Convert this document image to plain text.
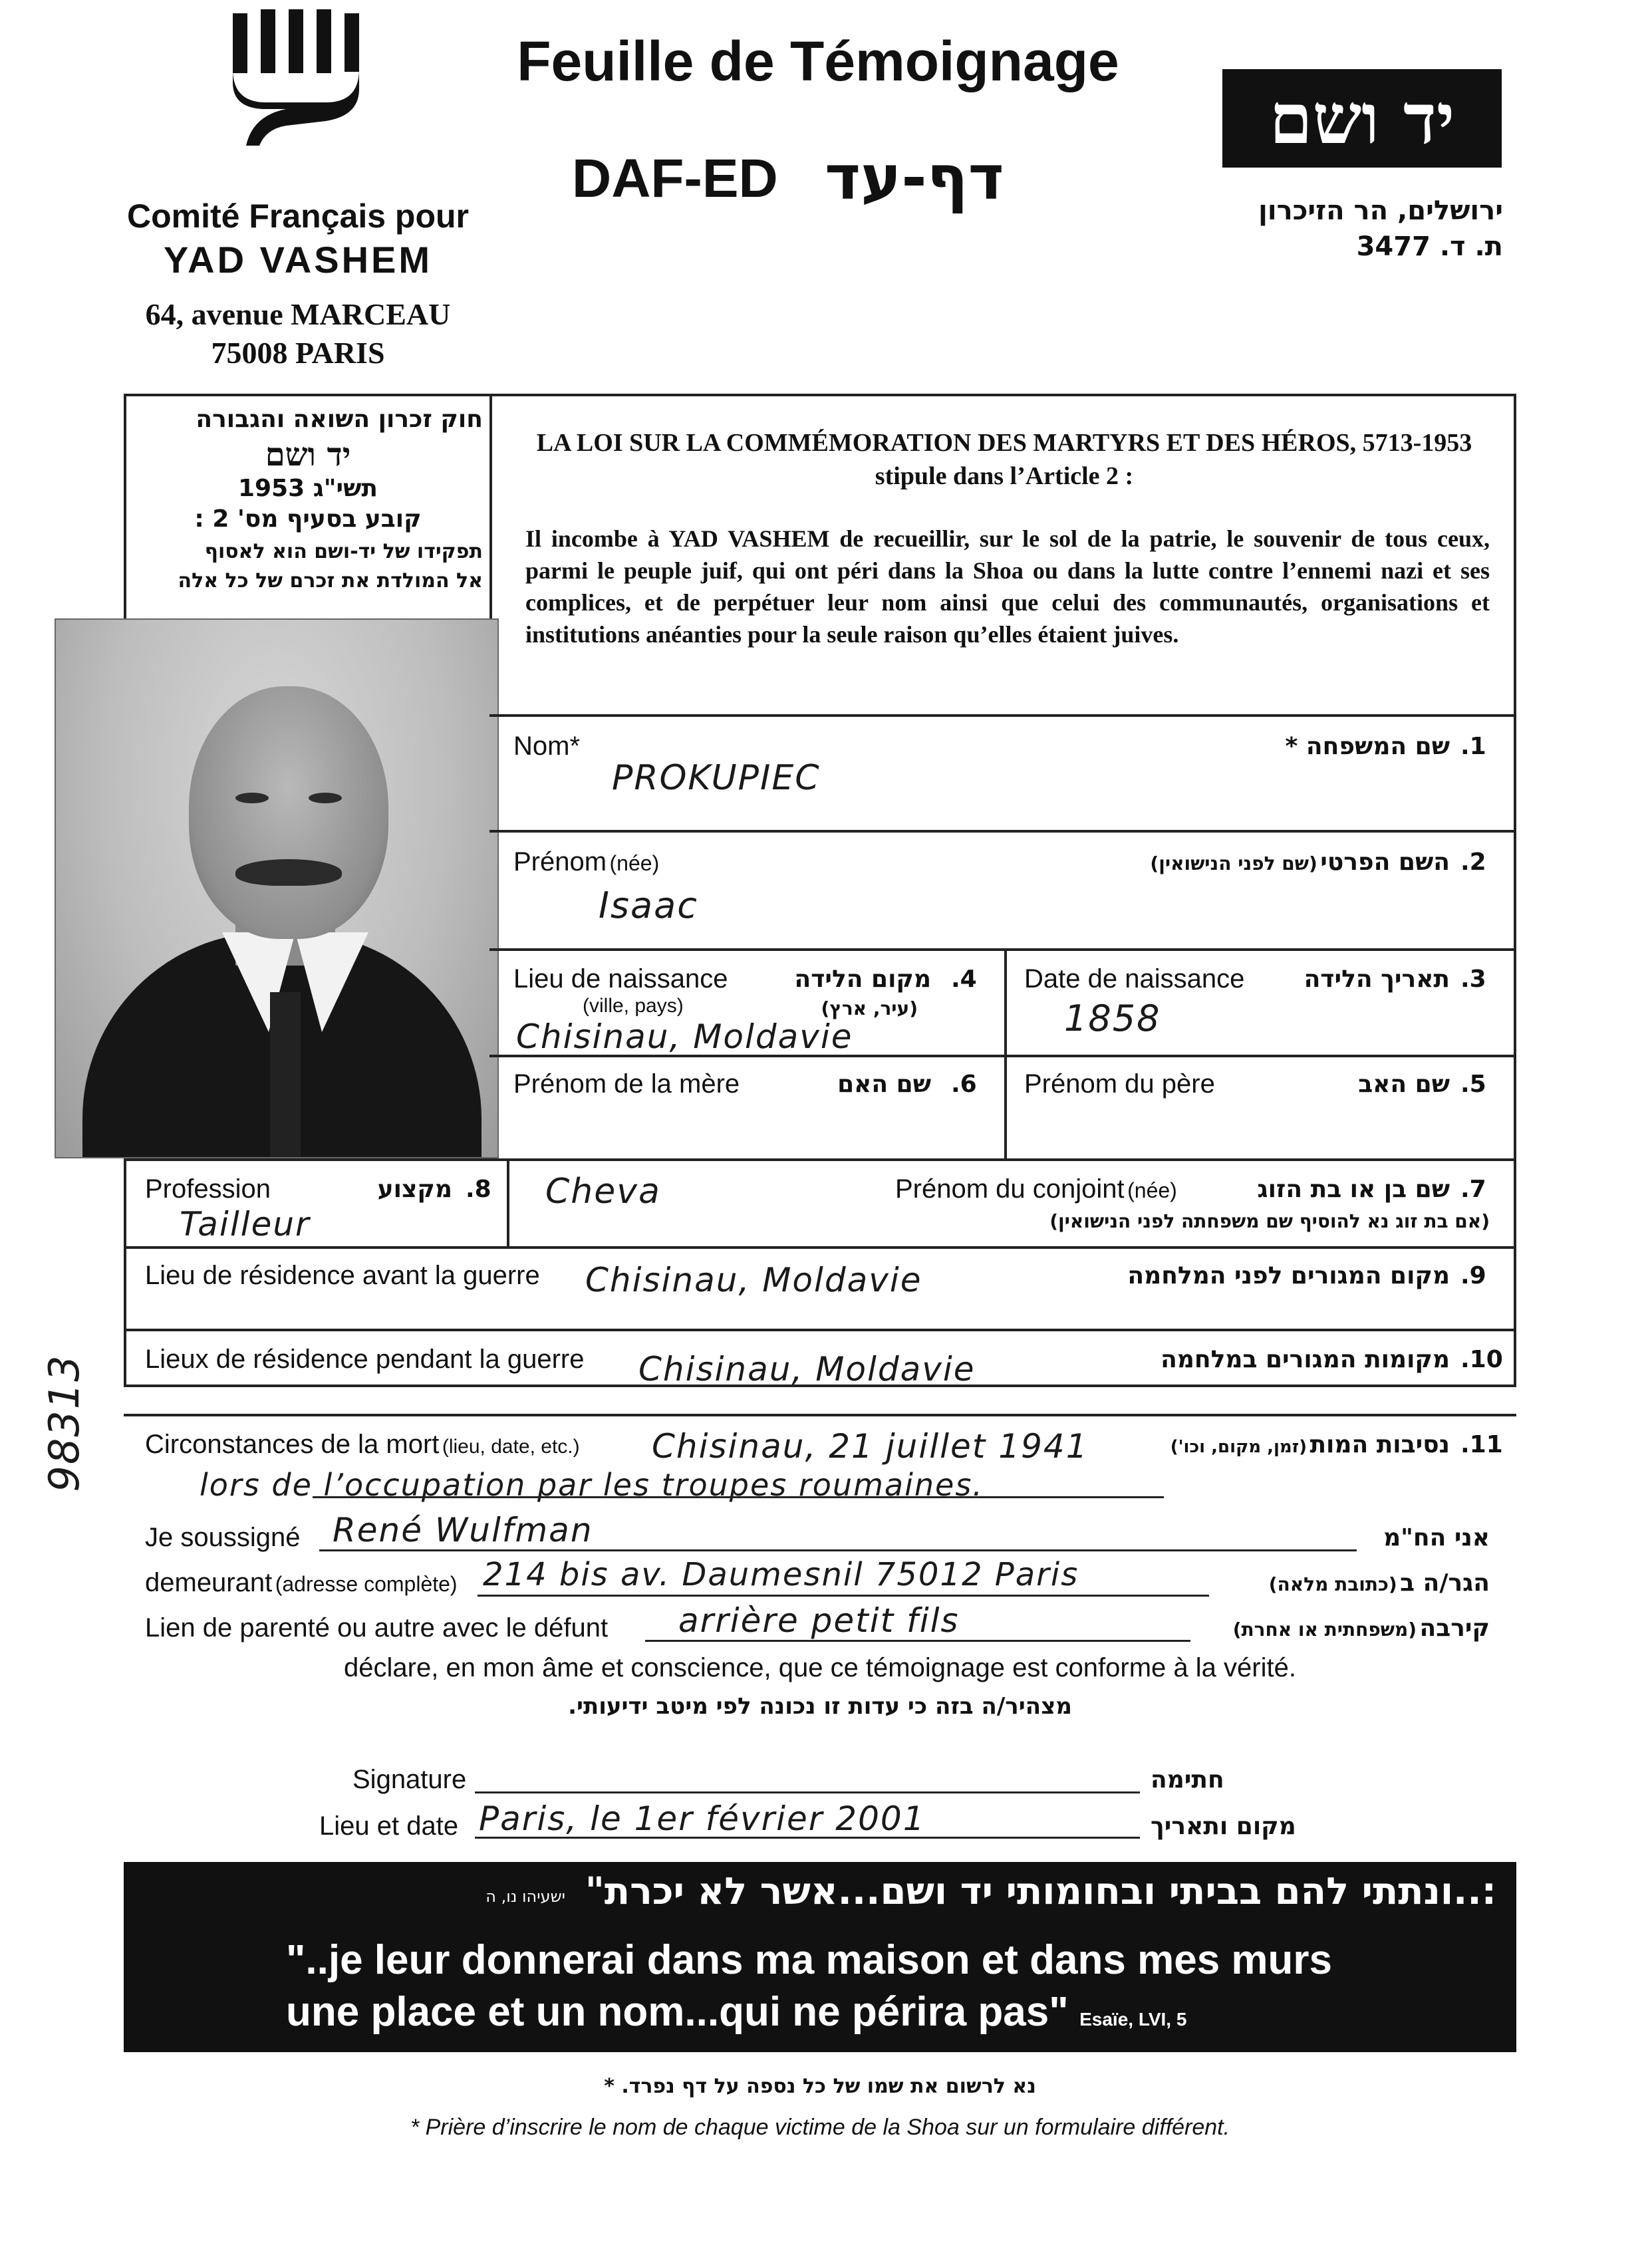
Comité Français pour
YAD VASHEM
64, avenue MARCEAU
75008 PARIS
Feuille de Témoignage
DAF-ED דף-עד
יד ושם
ירושלים, הר הזיכרון
ת. ד. 3477
חוק זכרון השואה והגבורה
יד ושם
תשי"ג 1953
קובע בסעיף מס' 2 :
תפקידו של יד-ושם הוא לאסוף
אל המולדת את זכרם של כל אלה
LA LOI SUR LA COMMÉMORATION DES MARTYRS ET DES HÉROS, 5713-1953
stipule dans l’Article 2 :
Il incombe à YAD VASHEM de recueillir, sur le sol de la patrie, le souvenir de tous ceux, parmi le peuple juif, qui ont péri dans la Shoa ou dans la lutte contre l’ennemi nazi et ses complices, et de perpétuer leur nom ainsi que celui des communautés, organisations et institutions anéanties pour la seule raison qu’elles étaient juives.
Nom*	שם המשפחה * .1
PROKUPIEC
Prénom (née)	השם הפרטי (שם לפני הנישואין)	.2
Isaac
Lieu de naissance
(ville, pays)
מקום הלידה
(עיר, ארץ)
.4
Chisinau, Moldavie
Date de naissance	תאריך הלידה .3
1858
Prénom de la mère	שם האם .6 Prénom du père	שם האב .5
Profession	מקצוע .8
Tailleur
Cheva	Prénom du conjoint (née)	שם בן או בת הזוג .7
(אם בת זוג נא להוסיף שם משפחתה לפני הנישואין)
Lieu de résidence avant la guerre Chisinau, Moldavie	מקום המגורים לפני המלחמה .9
Lieux de résidence pendant la guerre Chisinau, Moldavie	מקומות המגורים במלחמה .10
Circonstances de la mort (lieu, date, etc.) Chisinau, 21 juillet 1941	נסיבות המות (זמן, מקום, וכו')	.11
lors de l’occupation par les troupes roumaines.
Je soussigné René Wulfman	אני הח"מ
demeurant (adresse complète) 214 bis av. Daumesnil 75012 Paris	הגר/ה ב (כתובת מלאה)
Lien de parenté ou autre avec le défunt arrière petit fils	קירבה (משפחתית או אחרת)
déclare, en mon âme et conscience, que ce témoignage est conforme à la vérité.
מצהיר/ה בזה כי עדות זו נכונה לפי מיטב ידיעותי.
Signature	חתימה
Lieu et date Paris, le 1er février 2001	מקום ותאריך
ישעיהו נו, ה :..ונתתי להם בביתי ובחומותי יד ושם...אשר לא יכרת"
"..je leur donnerai dans ma maison et dans mes murs
une place et un nom...qui ne périra pas" Esaïe, LVI, 5
נא לרשום את שמו של כל נספה על דף נפרד. *
* Prière d’inscrire le nom de chaque victime de la Shoa sur un formulaire différent.
98313
